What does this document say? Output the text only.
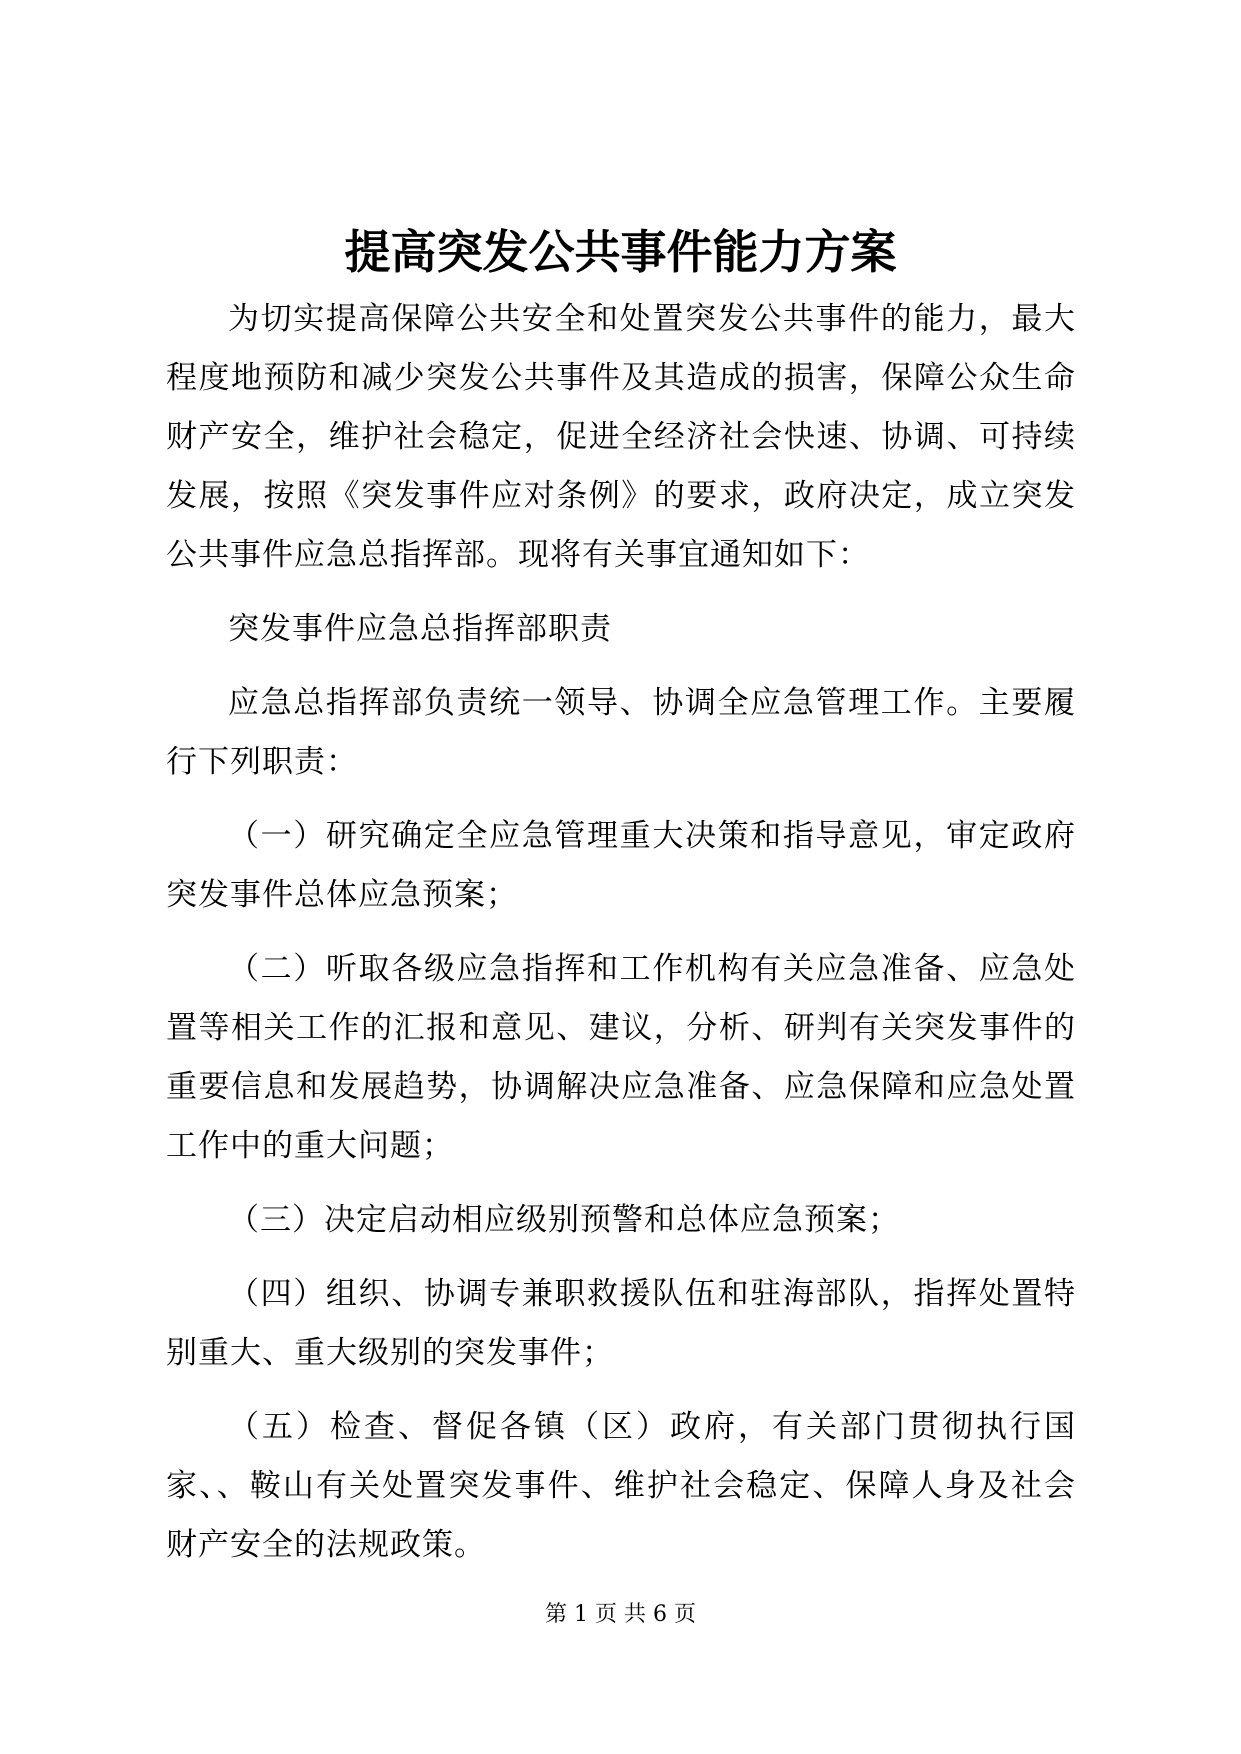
提高突发公共事件能力方案

为切实提高保障公共安全和处置突发公共事件的能力，最大程度地预防和减少突发公共事件及其造成的损害，保障公众生命财产安全，维护社会稳定，促进全经济社会快速、协调、可持续发展，按照《突发事件应对条例》的要求，政府决定，成立突发公共事件应急总指挥部。现将有关事宜通知如下：

突发事件应急总指挥部职责

应急总指挥部负责统一领导、协调全应急管理工作。主要履行下列职责：

（一）研究确定全应急管理重大决策和指导意见，审定政府突发事件总体应急预案；

（二）听取各级应急指挥和工作机构有关应急准备、应急处置等相关工作的汇报和意见、建议，分析、研判有关突发事件的重要信息和发展趋势，协调解决应急准备、应急保障和应急处置工作中的重大问题；

（三）决定启动相应级别预警和总体应急预案；

（四）组织、协调专兼职救援队伍和驻海部队，指挥处置特别重大、重大级别的突发事件；

（五）检查、督促各镇（区）政府，有关部门贯彻执行国家、、鞍山有关处置突发事件、维护社会稳定、保障人身及社会财产安全的法规政策。

第 1 页 共 6 页
